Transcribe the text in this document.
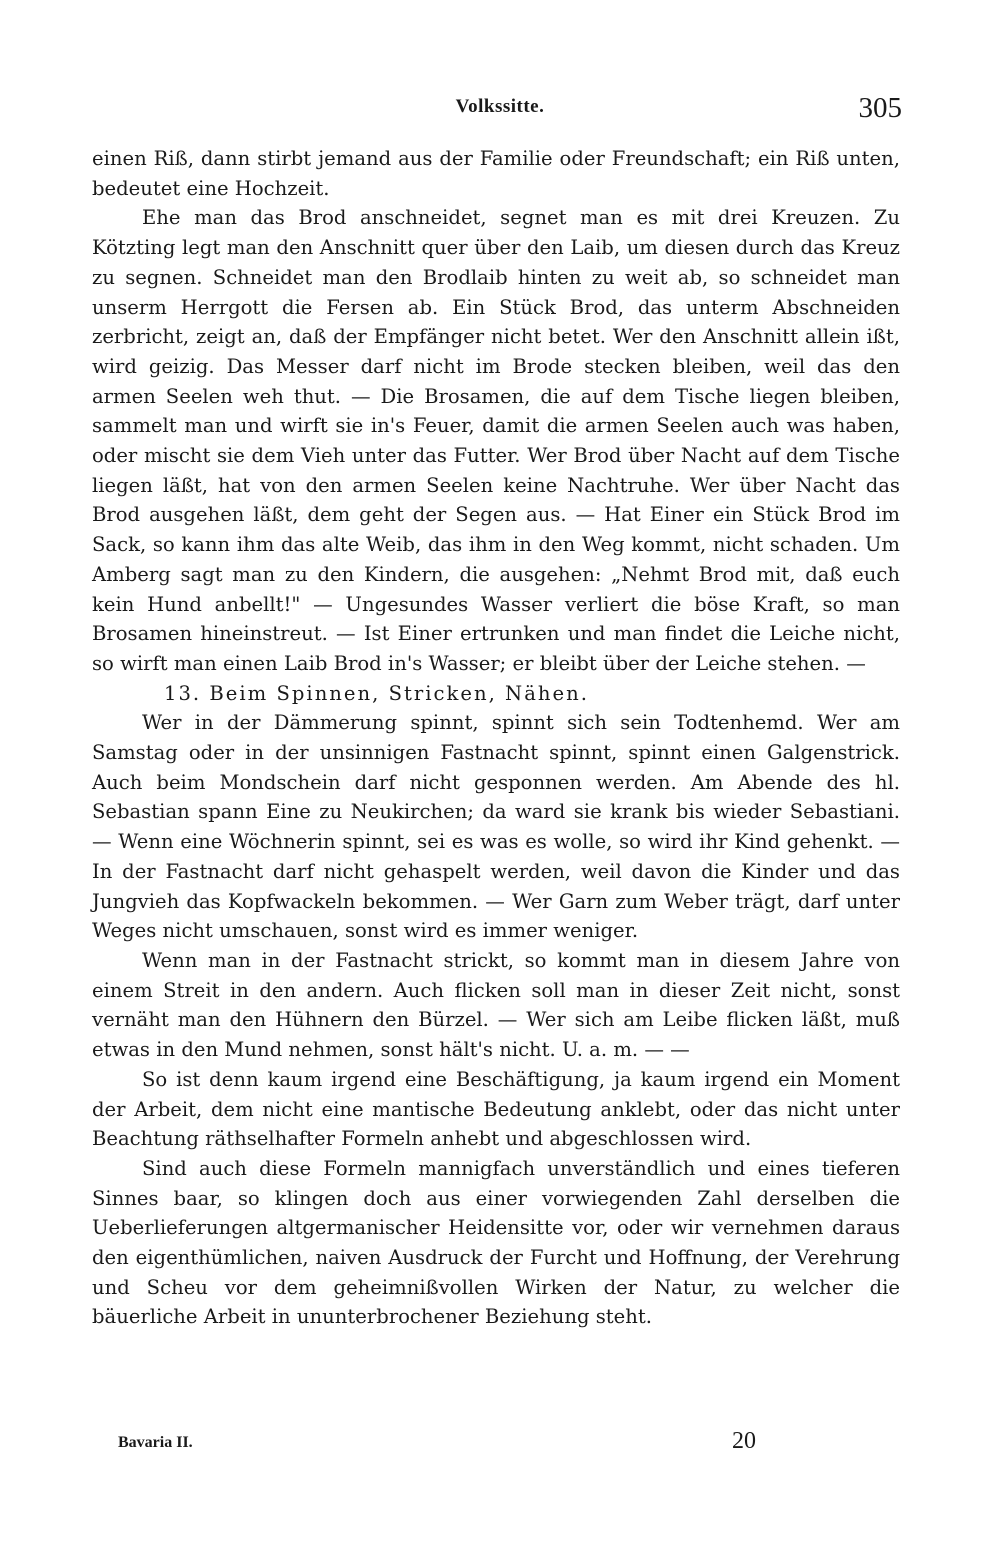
Volkssitte.	305

einen Riß, dann stirbt jemand aus der Familie oder Freundschaft; ein Riß unten, bedeutet eine Hochzeit.

Ehe man das Brod anschneidet, segnet man es mit drei Kreuzen. Zu Kötzting legt man den Anschnitt quer über den Laib, um diesen durch das Kreuz zu segnen. Schneidet man den Brodlaib hinten zu weit ab, so schneidet man unserm Herrgott die Fersen ab. Ein Stück Brod, das unterm Abschneiden zerbricht, zeigt an, daß der Empfänger nicht betet. Wer den Anschnitt allein ißt, wird geizig. Das Messer darf nicht im Brode stecken bleiben, weil das den armen Seelen weh thut. — Die Brosamen, die auf dem Tische liegen bleiben, sammelt man und wirft sie in's Feuer, damit die armen Seelen auch was haben, oder mischt sie dem Vieh unter das Futter. Wer Brod über Nacht auf dem Tische liegen läßt, hat von den armen Seelen keine Nachtruhe. Wer über Nacht das Brod ausgehen läßt, dem geht der Segen aus. — Hat Einer ein Stück Brod im Sack, so kann ihm das alte Weib, das ihm in den Weg kommt, nicht schaden. Um Amberg sagt man zu den Kindern, die ausgehen: „Nehmt Brod mit, daß euch kein Hund anbellt!" — Ungesundes Wasser verliert die böse Kraft, so man Brosamen hineinstreut. — Ist Einer ertrunken und man findet die Leiche nicht, so wirft man einen Laib Brod in's Wasser; er bleibt über der Leiche stehen. —

13. Beim Spinnen, Stricken, Nähen.

Wer in der Dämmerung spinnt, spinnt sich sein Todtenhemd. Wer am Samstag oder in der unsinnigen Fastnacht spinnt, spinnt einen Galgenstrick. Auch beim Mondschein darf nicht gesponnen werden. Am Abende des hl. Sebastian spann Eine zu Neukirchen; da ward sie krank bis wieder Sebastiani. — Wenn eine Wöchnerin spinnt, sei es was es wolle, so wird ihr Kind gehenkt. — In der Fastnacht darf nicht gehaspelt werden, weil davon die Kinder und das Jungvieh das Kopfwackeln bekommen. — Wer Garn zum Weber trägt, darf unter Weges nicht umschauen, sonst wird es immer weniger.

Wenn man in der Fastnacht strickt, so kommt man in diesem Jahre von einem Streit in den andern. Auch flicken soll man in dieser Zeit nicht, sonst vernäht man den Hühnern den Bürzel. — Wer sich am Leibe flicken läßt, muß etwas in den Mund nehmen, sonst hält's nicht. U. a. m. — —

So ist denn kaum irgend eine Beschäftigung, ja kaum irgend ein Moment der Arbeit, dem nicht eine mantische Bedeutung anklebt, oder das nicht unter Beachtung räthselhafter Formeln anhebt und abgeschlossen wird.

Sind auch diese Formeln mannigfach unverständlich und eines tieferen Sinnes baar, so klingen doch aus einer vorwiegenden Zahl derselben die Ueberlieferungen altgermanischer Heidensitte vor, oder wir vernehmen daraus den eigenthümlichen, naiven Ausdruck der Furcht und Hoffnung, der Verehrung und Scheu vor dem geheimnißvollen Wirken der Natur, zu welcher die bäuerliche Arbeit in ununterbrochener Beziehung steht.

Bavaria II.	20
